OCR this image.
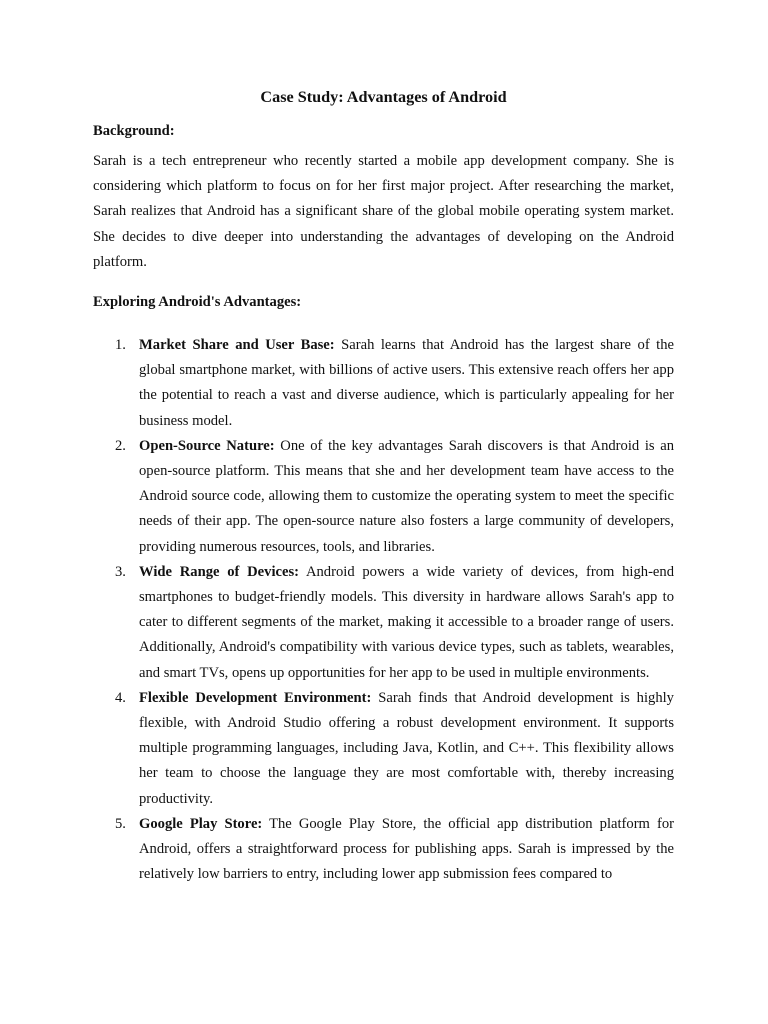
Case Study: Advantages of Android
Background:

Sarah is a tech entrepreneur who recently started a mobile app development company. She is considering which platform to focus on for her first major project. After researching the market, Sarah realizes that Android has a significant share of the global mobile operating system market. She decides to dive deeper into understanding the advantages of developing on the Android platform.

Exploring Android's Advantages:
1. Market Share and User Base: Sarah learns that Android has the largest share of the global smartphone market, with billions of active users. This extensive reach offers her app the potential to reach a vast and diverse audience, which is particularly appealing for her business model.
2. Open-Source Nature: One of the key advantages Sarah discovers is that Android is an open-source platform. This means that she and her development team have access to the Android source code, allowing them to customize the operating system to meet the specific needs of their app. The open-source nature also fosters a large community of developers, providing numerous resources, tools, and libraries.
3. Wide Range of Devices: Android powers a wide variety of devices, from high-end smartphones to budget-friendly models. This diversity in hardware allows Sarah's app to cater to different segments of the market, making it accessible to a broader range of users. Additionally, Android's compatibility with various device types, such as tablets, wearables, and smart TVs, opens up opportunities for her app to be used in multiple environments.
4. Flexible Development Environment: Sarah finds that Android development is highly flexible, with Android Studio offering a robust development environment. It supports multiple programming languages, including Java, Kotlin, and C++. This flexibility allows her team to choose the language they are most comfortable with, thereby increasing productivity.
5. Google Play Store: The Google Play Store, the official app distribution platform for Android, offers a straightforward process for publishing apps. Sarah is impressed by the relatively low barriers to entry, including lower app submission fees compared to
